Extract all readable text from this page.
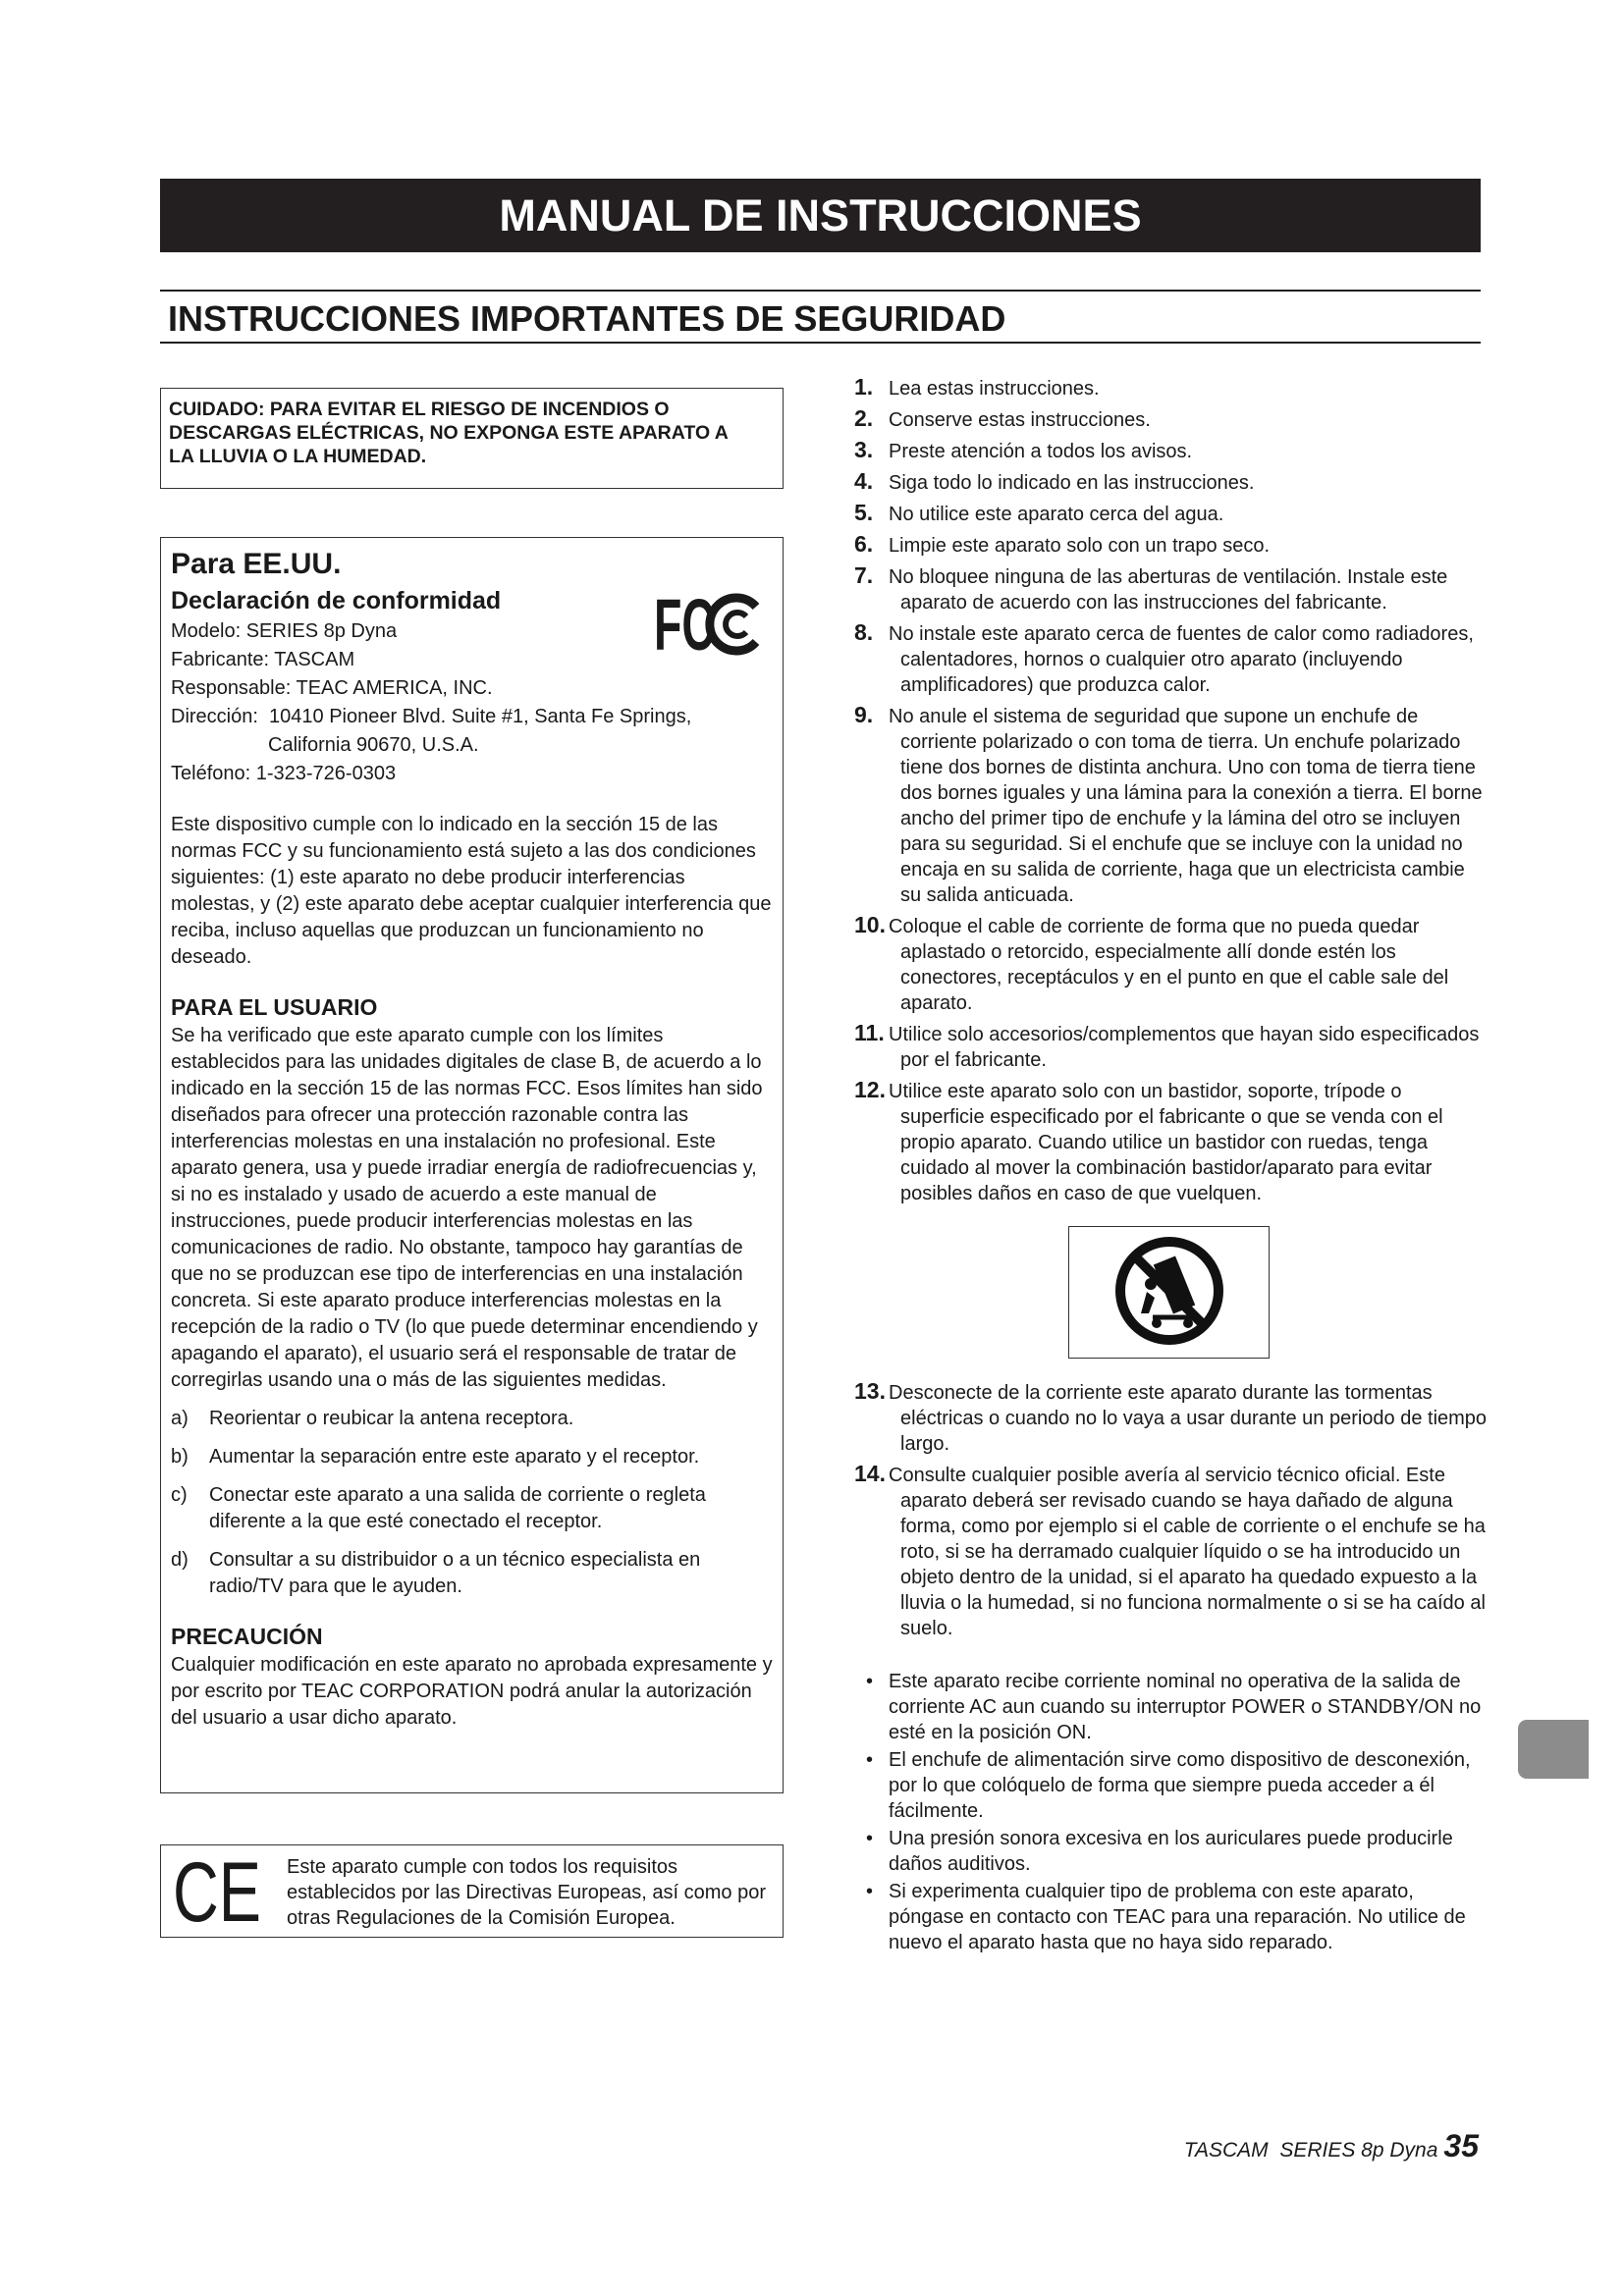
MANUAL DE INSTRUCCIONES
INSTRUCCIONES IMPORTANTES DE SEGURIDAD

CUIDADO: PARA EVITAR EL RIESGO DE INCENDIOS O

DESCARGAS ELÉCTRICAS, NO EXPONGA ESTE APARATO A

LA LLUVIA O LA HUMEDAD.

Para EE.UU.
Declaración de conformidad	FC

Modelo: SERIES 8p Dyna

Fabricante: TASCAM

Responsable: TEAC AMERICA, INC.

Dirección:  10410 Pioneer Blvd. Suite #1, Santa Fe Springs,

California 90670, U.S.A.

Teléfono: 1-323-726-0303

Este dispositivo cumple con lo indicado en la sección 15 de las normas FCC y su funcionamiento está sujeto a las dos condiciones siguientes: (1) este aparato no debe producir interferencias molestas, y (2) este aparato debe aceptar cualquier interferencia que reciba, incluso aquellas que produzcan un funcionamiento no deseado.

PARA EL USUARIO

Se ha verificado que este aparato cumple con los límites establecidos para las unidades digitales de clase B, de acuerdo a lo indicado en la sección 15 de las normas FCC. Esos límites han sido diseñados para ofrecer una protección razonable contra las interferencias molestas en una instalación no profesional. Este aparato genera, usa y puede irradiar energía de radiofrecuencias y, si no es instalado y usado de acuerdo a este manual de instrucciones, puede producir interferencias molestas en las comunicaciones de radio. No obstante, tampoco hay garantías de que no se produzcan ese tipo de interferencias en una instalación concreta. Si este aparato produce interferencias molestas en la recepción de la radio o TV (lo que puede determinar encendiendo y apagando el aparato), el usuario será el responsable de tratar de corregirlas usando una o más de las siguientes medidas.

a) Reorientar o reubicar la antena receptora.

b) Aumentar la separación entre este aparato y el receptor.

c) Conectar este aparato a una salida de corriente o regleta diferente a la que esté conectado el receptor.

d) Consultar a su distribuidor o a un técnico especialista en radio/TV para que le ayuden.

PRECAUCIÓN

Cualquier modificación en este aparato no aprobada expresamente y por escrito por TEAC CORPORATION podrá anular la autorización del usuario a usar dicho aparato.

CE Este aparato cumple con todos los requisitos establecidos por las Directivas Europeas, así como por otras Regulaciones de la Comisión Europea.

1. Lea estas instrucciones.

2. Conserve estas instrucciones.

3. Preste atención a todos los avisos.

4. Siga todo lo indicado en las instrucciones.

5. No utilice este aparato cerca del agua.

6. Limpie este aparato solo con un trapo seco.

7. No bloquee ninguna de las aberturas de ventilación. Instale este aparato de acuerdo con las instrucciones del fabricante.

8. No instale este aparato cerca de fuentes de calor como radiadores, calentadores, hornos o cualquier otro aparato (incluyendo amplificadores) que produzca calor.

9. No anule el sistema de seguridad que supone un enchufe de corriente polarizado o con toma de tierra. Un enchufe polarizado tiene dos bornes de distinta anchura. Uno con toma de tierra tiene dos bornes iguales y una lámina para la conexión a tierra. El borne ancho del primer tipo de enchufe y la lámina del otro se incluyen para su seguridad. Si el enchufe que se incluye con la unidad no encaja en su salida de corriente, haga que un electricista cambie su salida anticuada.

10. Coloque el cable de corriente de forma que no pueda quedar aplastado o retorcido, especialmente allí donde estén los conectores, receptáculos y en el punto en que el cable sale del aparato.

11. Utilice solo accesorios/complementos que hayan sido especificados por el fabricante.

12. Utilice este aparato solo con un bastidor, soporte, trípode o superficie especificado por el fabricante o que se venda con el propio aparato. Cuando utilice un bastidor con ruedas, tenga cuidado al mover la combinación bastidor/aparato para evitar posibles daños en caso de que vuelquen.

13. Desconecte de la corriente este aparato durante las tormentas eléctricas o cuando no lo vaya a usar durante un periodo de tiempo largo.

14. Consulte cualquier posible avería al servicio técnico oficial. Este aparato deberá ser revisado cuando se haya dañado de alguna forma, como por ejemplo si el cable de corriente o el enchufe se ha roto, si se ha derramado cualquier líquido o se ha introducido un objeto dentro de la unidad, si el aparato ha quedado expuesto a la lluvia o la humedad, si no funciona normalmente o si se ha caído al suelo.

• Este aparato recibe corriente nominal no operativa de la salida de corriente AC aun cuando su interruptor POWER o STANDBY/ON no esté en la posición ON.

• El enchufe de alimentación sirve como dispositivo de desconexión, por lo que colóquelo de forma que siempre pueda acceder a él fácilmente.

• Una presión sonora excesiva en los auriculares puede producirle daños auditivos.

• Si experimenta cualquier tipo de problema con este aparato, póngase en contacto con TEAC para una reparación. No utilice de nuevo el aparato hasta que no haya sido reparado.

TASCAM  SERIES 8p Dyna 35
